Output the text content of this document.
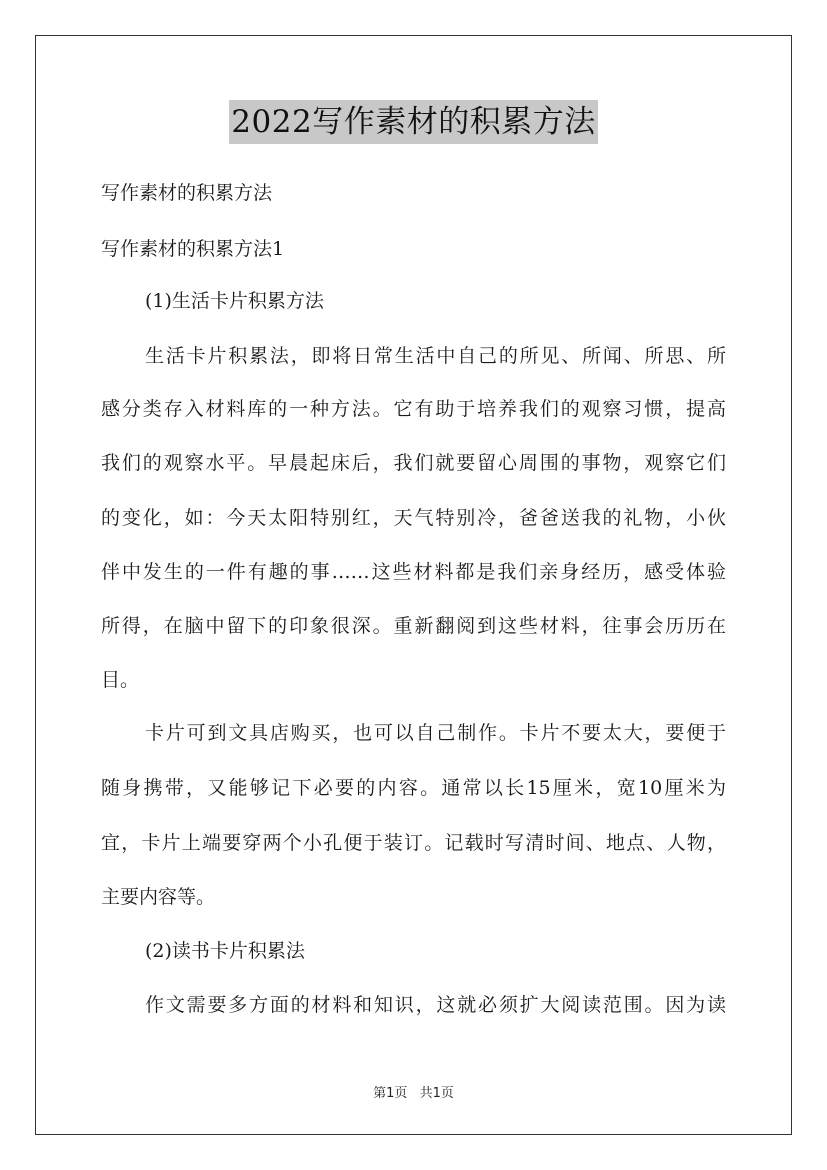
2022写作素材的积累方法
写作素材的积累方法
写作素材的积累方法1
(1)生活卡片积累方法
生活卡片积累法，即将日常生活中自己的所见、所闻、所思、所
感分类存入材料库的一种方法。它有助于培养我们的观察习惯，提高
我们的观察水平。早晨起床后，我们就要留心周围的事物，观察它们
的变化，如：今天太阳特别红，天气特别冷，爸爸送我的礼物，小伙
伴中发生的一件有趣的事……这些材料都是我们亲身经历，感受体验
所得，在脑中留下的印象很深。重新翻阅到这些材料，往事会历历在
目。
卡片可到文具店购买，也可以自己制作。卡片不要太大，要便于
随身携带，又能够记下必要的内容。通常以长15厘米，宽10厘米为
宜，卡片上端要穿两个小孔便于装订。记载时写清时间、地点、人物，
主要内容等。
(2)读书卡片积累法
作文需要多方面的材料和知识，这就必须扩大阅读范围。因为读
第1页 共1页
